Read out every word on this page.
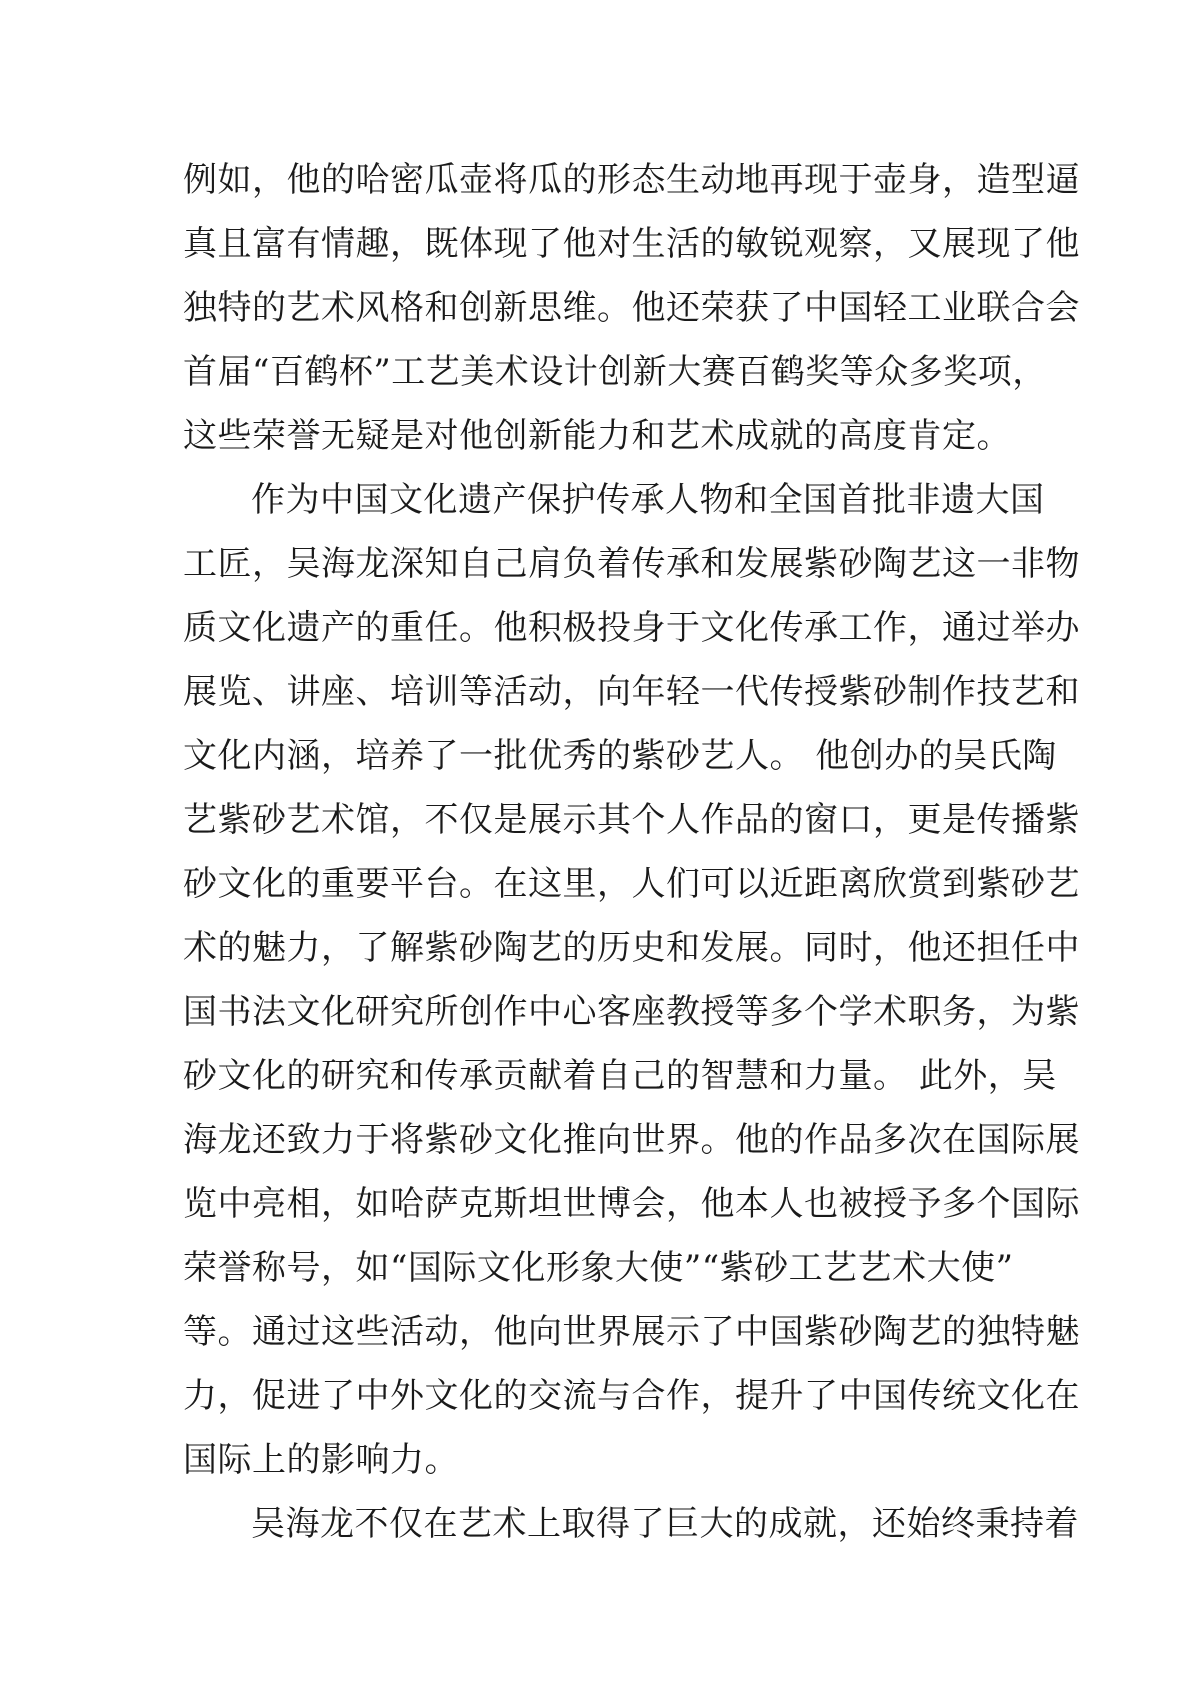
例如，他的哈密瓜壶将瓜的形态生动地再现于壶身，造型逼
真且富有情趣，既体现了他对生活的敏锐观察，又展现了他
独特的艺术风格和创新思维。他还荣获了中国轻工业联合会
首届“百鹤杯”工艺美术设计创新大赛百鹤奖等众多奖项，
这些荣誉无疑是对他创新能力和艺术成就的高度肯定。
作为中国文化遗产保护传承人物和全国首批非遗大国
工匠，吴海龙深知自己肩负着传承和发展紫砂陶艺这一非物
质文化遗产的重任。他积极投身于文化传承工作，通过举办
展览、讲座、培训等活动，向年轻一代传授紫砂制作技艺和
文化内涵，培养了一批优秀的紫砂艺人。 他创办的吴氏陶
艺紫砂艺术馆，不仅是展示其个人作品的窗口，更是传播紫
砂文化的重要平台。在这里，人们可以近距离欣赏到紫砂艺
术的魅力，了解紫砂陶艺的历史和发展。同时，他还担任中
国书法文化研究所创作中心客座教授等多个学术职务，为紫
砂文化的研究和传承贡献着自己的智慧和力量。 此外，吴
海龙还致力于将紫砂文化推向世界。他的作品多次在国际展
览中亮相，如哈萨克斯坦世博会，他本人也被授予多个国际
荣誉称号，如“国际文化形象大使”“紫砂工艺艺术大使”
等。通过这些活动，他向世界展示了中国紫砂陶艺的独特魅
力，促进了中外文化的交流与合作，提升了中国传统文化在
国际上的影响力。
吴海龙不仅在艺术上取得了巨大的成就，还始终秉持着
